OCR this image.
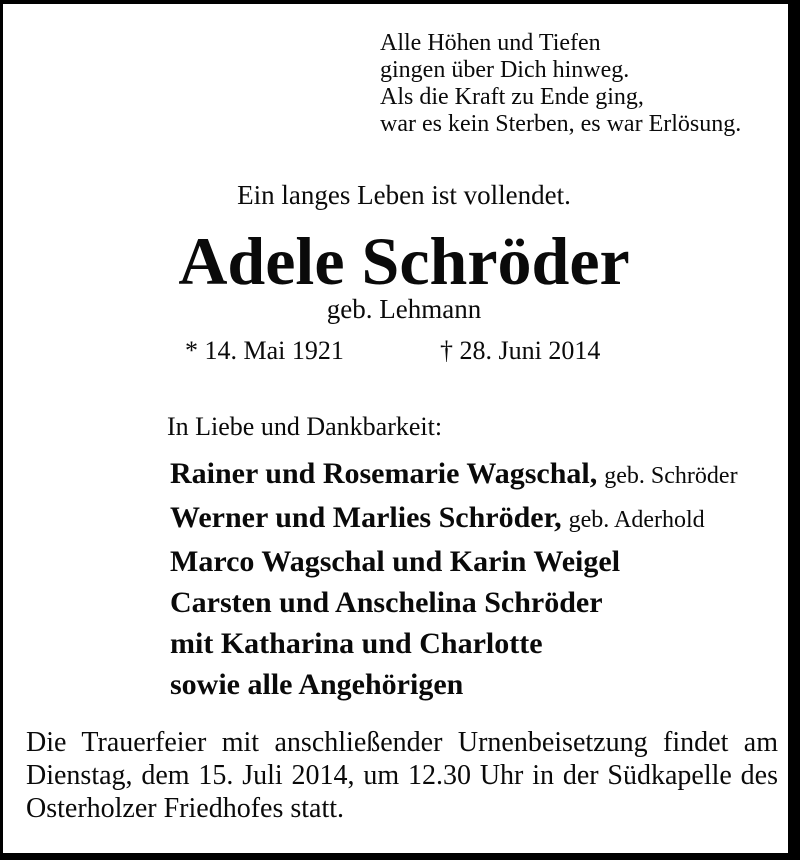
Alle Höhen und Tiefen
gingen über Dich hinweg.
Als die Kraft zu Ende ging,
war es kein Sterben, es war Erlösung.
Ein langes Leben ist vollendet.
Adele Schröder
geb. Lehmann
* 14. Mai 1921	† 28. Juni 2014
In Liebe und Dankbarkeit:
Rainer und Rosemarie Wagschal, geb. Schröder
Werner und Marlies Schröder, geb. Aderhold
Marco Wagschal und Karin Weigel
Carsten und Anschelina Schröder
mit Katharina und Charlotte
sowie alle Angehörigen
Die Trauerfeier mit anschließender Urnenbeisetzung findet am
Dienstag, dem 15. Juli 2014, um 12.30 Uhr in der Südkapelle des
Osterholzer Friedhofes statt.
